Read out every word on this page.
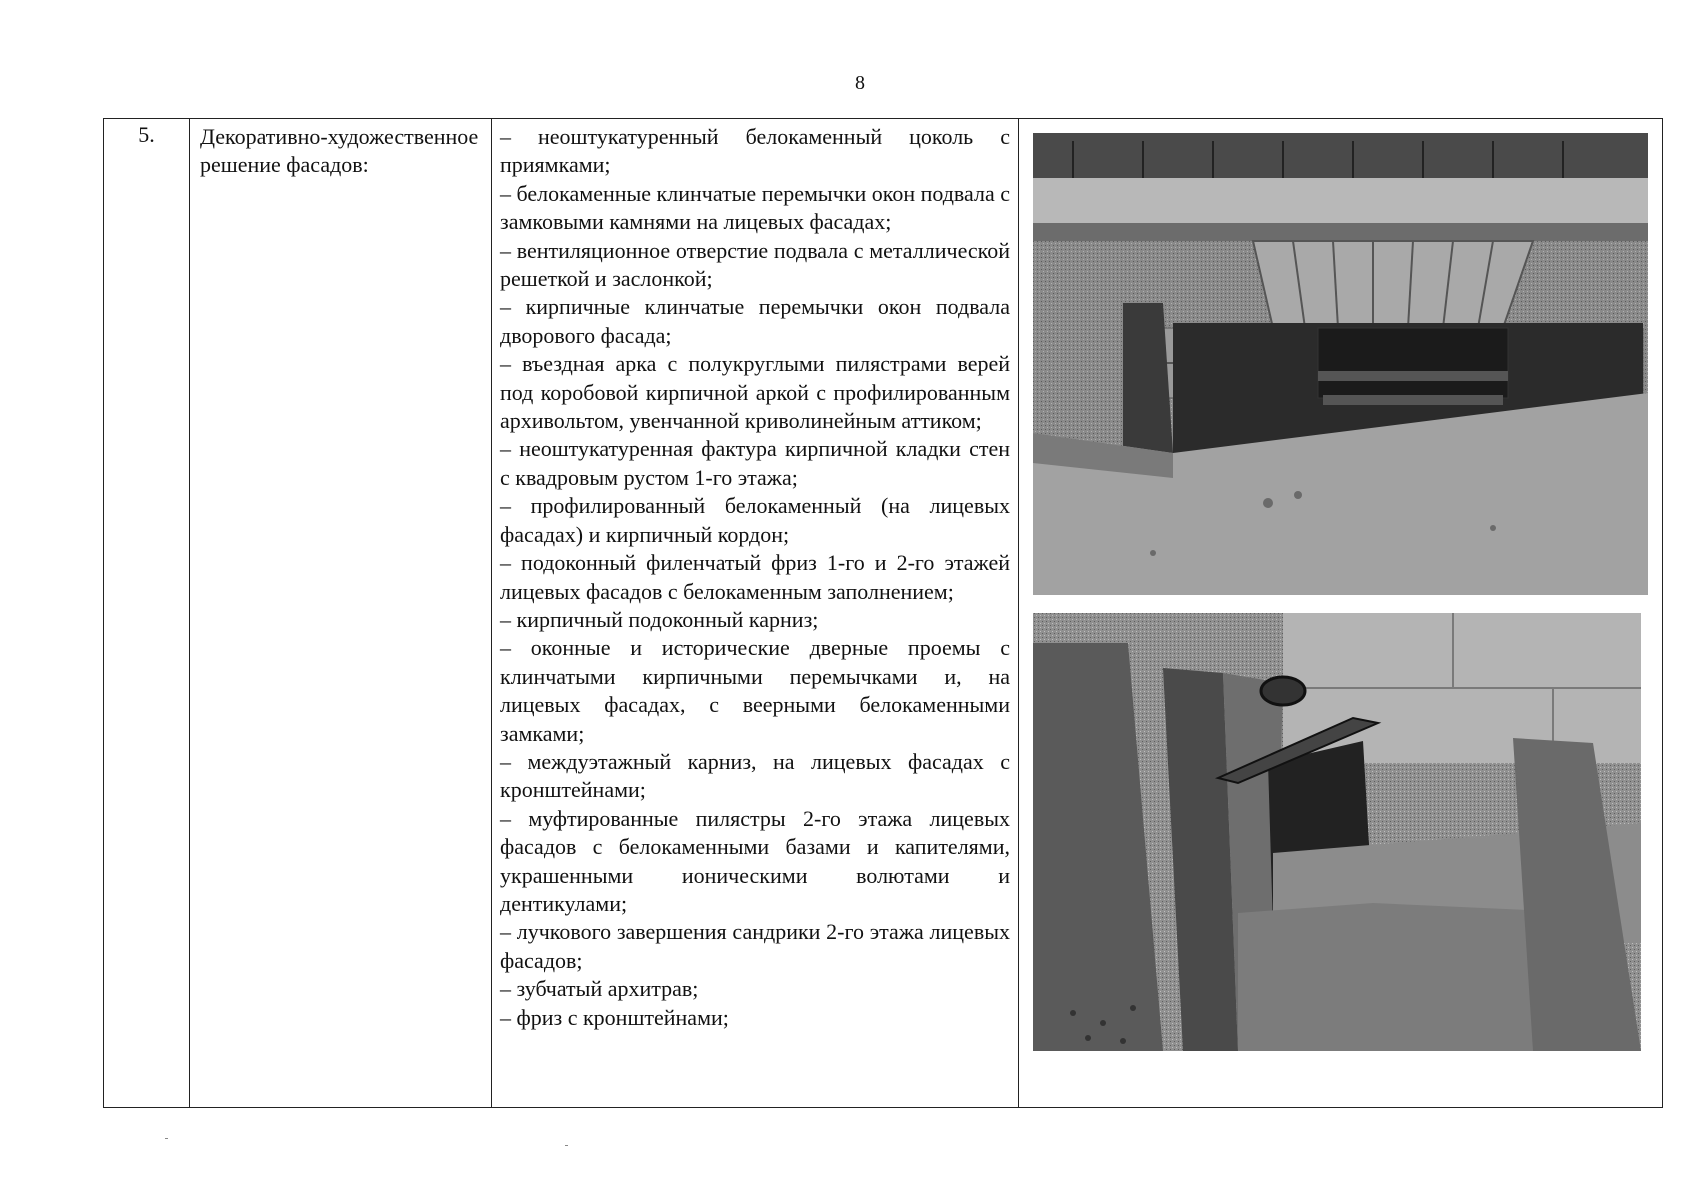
8
5.	Декоративно-художественное решение фасадов:

– неоштукатуренный белокаменный цоколь с приямками;
– белокаменные клинчатые перемычки окон подвала с замковыми камнями на лицевых фасадах;
– вентиляционное отверстие подвала с металлической решеткой и заслонкой;
– кирпичные клинчатые перемычки окон подвала дворового фасада;
– въездная арка с полукруглыми пилястрами верей под коробовой кирпичной аркой с профилированным архивольтом, увенчанной криволинейным аттиком;
– неоштукатуренная фактура кирпичной кладки стен с квадровым рустом 1-го этажа;
– профилированный белокаменный (на лицевых фасадах) и кирпичный кордон;
– подоконный филенчатый фриз 1-го и 2-го этажей лицевых фасадов с белокаменным заполнением;
– кирпичный подоконный карниз;
– оконные и исторические дверные проемы с клинчатыми кирпичными перемычками и, на лицевых фасадах, с веерными белокаменными замками;
– междуэтажный карниз, на лицевых фасадах с кронштейнами;
– муфтированные пилястры 2-го этажа лицевых фасадов с белокаменными базами и капителями, украшенными ионическими волютами и дентикулами;
– лучкового завершения сандрики 2-го этажа лицевых фасадов;
– зубчатый архитрав;
– фриз с кронштейнами;
